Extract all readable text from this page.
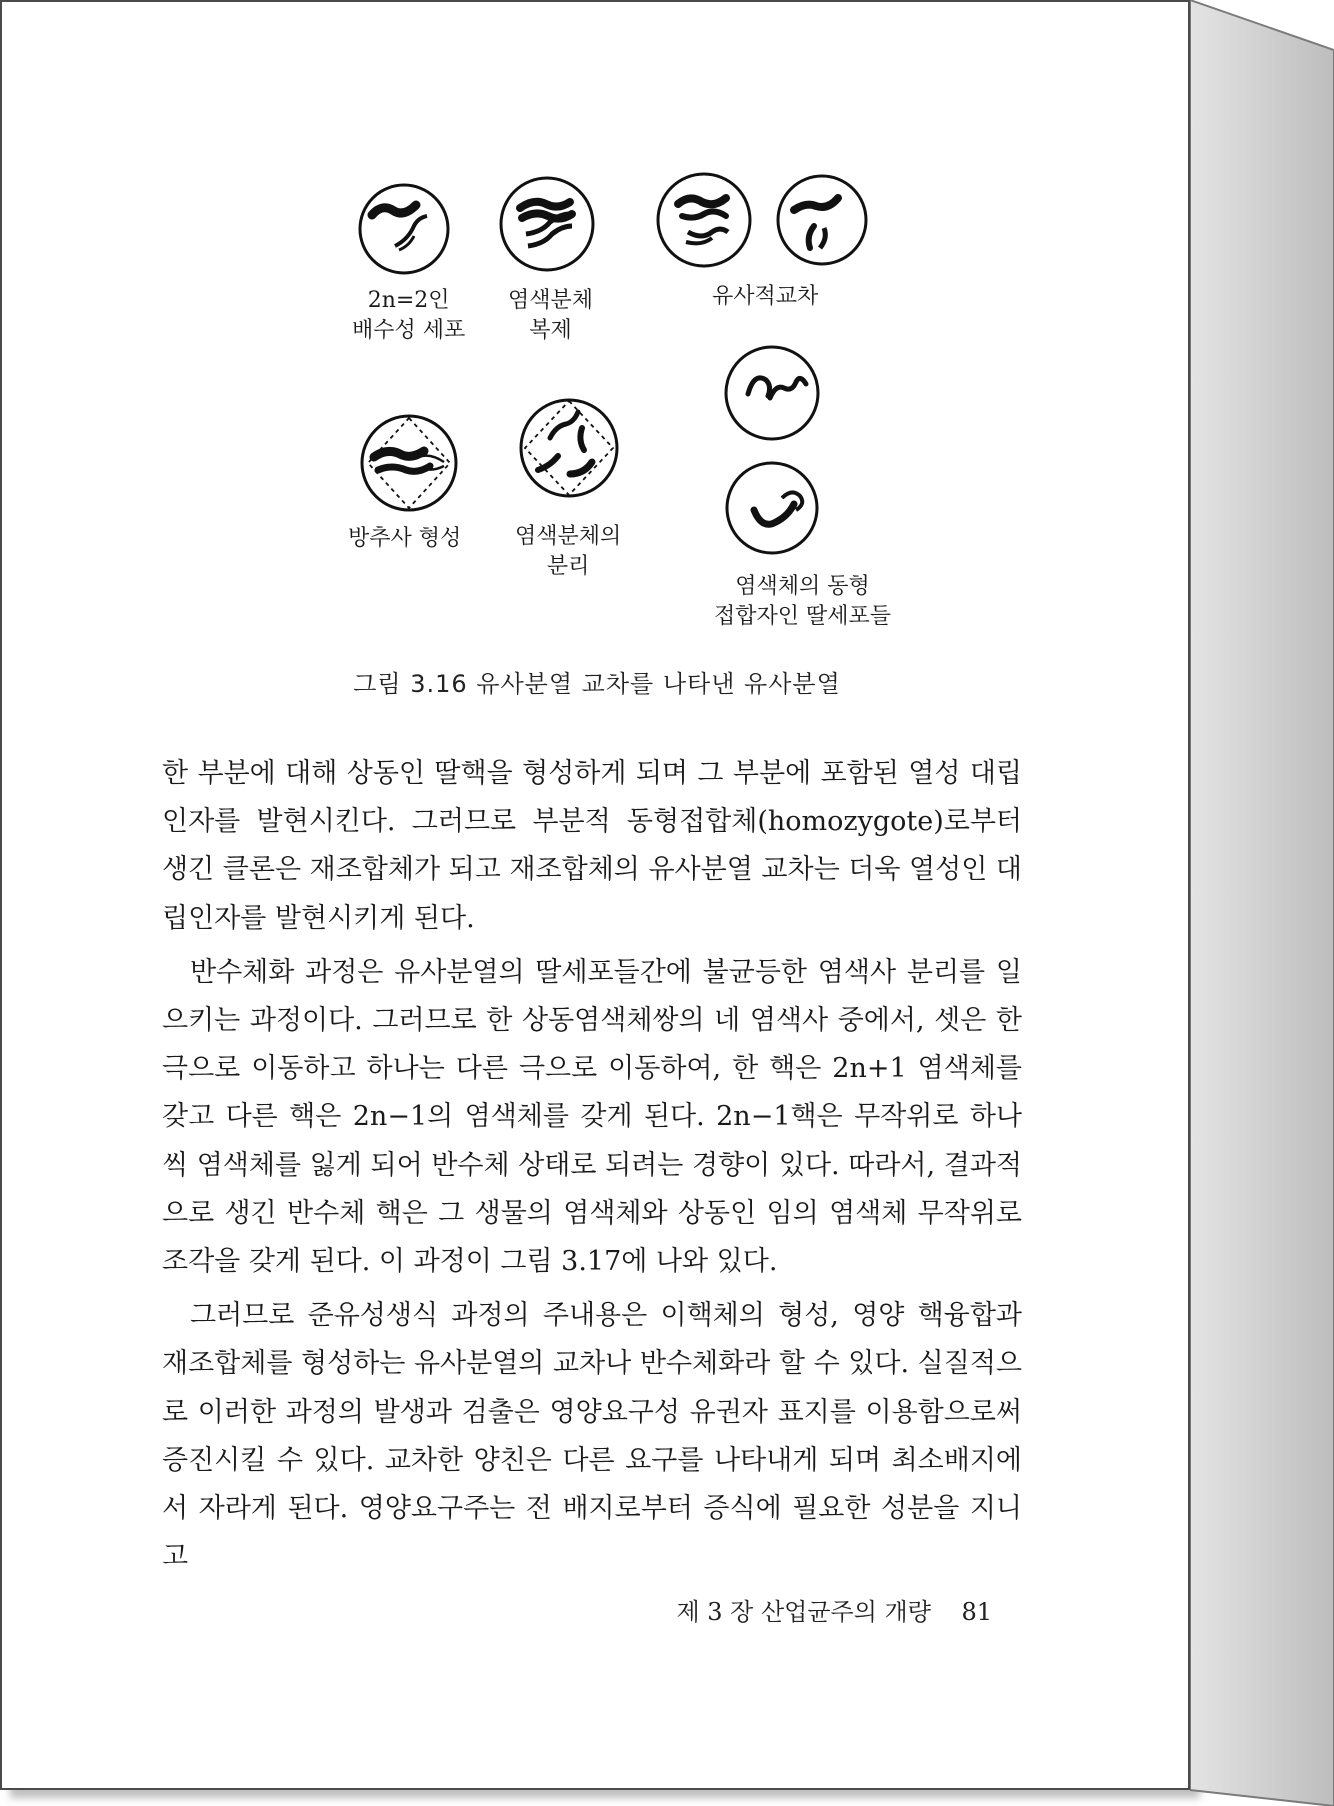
2n=2인
배수성 세포
염색분체
복제
유사적교차
방추사 형성 염색분체의
분리
염색체의 동형
접합자인 딸세포들
그림 3.16 유사분열 교차를 나타낸 유사분열

한 부분에 대해 상동인 딸핵을 형성하게 되며 그 부분에 포함된 열성 대립인자를 발현시킨다. 그러므로 부분적 동형접합체(homozygote)로부터 생긴 클론은 재조합체가 되고 재조합체의 유사분열 교차는 더욱 열성인 대립인자를 발현시키게 된다.

반수체화 과정은 유사분열의 딸세포들간에 불균등한 염색사 분리를 일으키는 과정이다. 그러므로 한 상동염색체쌍의 네 염색사 중에서, 셋은 한 극으로 이동하고 하나는 다른 극으로 이동하여, 한 핵은 2n+1 염색체를 갖고 다른 핵은 2n−1의 염색체를 갖게 된다. 2n−1핵은 무작위로 하나씩 염색체를 잃게 되어 반수체 상태로 되려는 경향이 있다. 따라서, 결과적으로 생긴 반수체 핵은 그 생물의 염색체와 상동인 임의 염색체 무작위로 조각을 갖게 된다. 이 과정이 그림 3.17에 나와 있다.

그러므로 준유성생식 과정의 주내용은 이핵체의 형성, 영양 핵융합과 재조합체를 형성하는 유사분열의 교차나 반수체화라 할 수 있다. 실질적으로 이러한 과정의 발생과 검출은 영양요구성 유권자 표지를 이용함으로써 증진시킬 수 있다. 교차한 양친은 다른 요구를 나타내게 되며 최소배지에서 자라게 된다. 영양요구주는 전 배지로부터 증식에 필요한 성분을 지니고

제 3 장 산업균주의 개량 81
